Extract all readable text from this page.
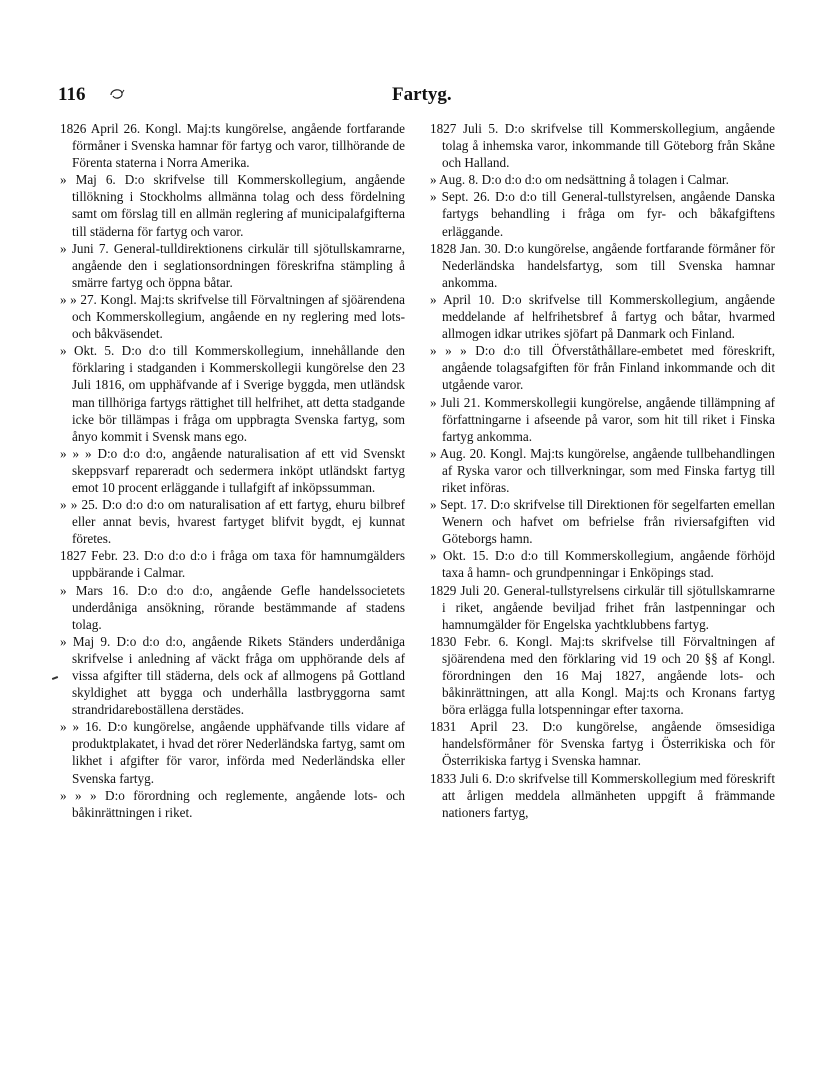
116	Fartyg.

1826 April 26. Kongl. Maj:ts kungörelse, angående fortfarande förmåner i Svenska hamnar för fartyg och varor, tillhörande de Förenta staterna i Norra Amerika.

» Maj 6. D:o skrifvelse till Kommerskollegium, angående tillökning i Stockholms allmänna tolag och dess fördelning samt om förslag till en allmän reglering af municipalafgifterna till städerna för fartyg och varor.

» Juni 7. General-tulldirektionens cirkulär till sjötullskamrarne, angående den i seglationsordningen föreskrifna stämpling å smärre fartyg och öppna båtar.

» » 27. Kongl. Maj:ts skrifvelse till Förvaltningen af sjöärendena och Kommerskollegium, angående en ny reglering med lots- och båkväsendet.

» Okt. 5. D:o d:o till Kommerskollegium, innehållande den förklaring i stadganden i Kommerskollegii kungörelse den 23 Juli 1816, om upphäfvande af i Sverige byggda, men utländsk man tillhöriga fartygs rättighet till helfrihet, att detta stadgande icke bör tillämpas i fråga om uppbragta Svenska fartyg, som ånyo kommit i Svensk mans ego.

» » » D:o d:o d:o, angående naturalisation af ett vid Svenskt skeppsvarf repareradt och sedermera inköpt utländskt fartyg emot 10 procent erläggande i tullafgift af inköpssumman.

» » 25. D:o d:o d:o om naturalisation af ett fartyg, ehuru bilbref eller annat bevis, hvarest fartyget blifvit bygdt, ej kunnat företes.

1827 Febr. 23. D:o d:o d:o i fråga om taxa för hamnumgälders uppbärande i Calmar.

» Mars 16. D:o d:o d:o, angående Gefle handelssocietets underdåniga ansökning, rörande bestämmande af stadens tolag.

» Maj 9. D:o d:o d:o, angående Rikets Ständers underdåniga skrifvelse i anledning af väckt fråga om upphörande dels af vissa afgifter till städerna, dels ock af allmogens på Gottland skyldighet att bygga och underhålla lastbryggorna samt strandridareboställena derstädes.

» » 16. D:o kungörelse, angående upphäfvande tills vidare af produktplakatet, i hvad det rörer Nederländska fartyg, samt om likhet i afgifter för varor, införda med Nederländska eller Svenska fartyg.

» » » D:o förordning och reglemente, angående lots- och båkinrättningen i riket.

1827 Juli 5. D:o skrifvelse till Kommerskollegium, angående tolag å inhemska varor, inkommande till Göteborg från Skåne och Halland.

» Aug. 8. D:o d:o d:o om nedsättning å tolagen i Calmar.

» Sept. 26. D:o d:o till General-tullstyrelsen, angående Danska fartygs behandling i fråga om fyr- och båkafgiftens erläggande.

1828 Jan. 30. D:o kungörelse, angående fortfarande förmåner för Nederländska handelsfartyg, som till Svenska hamnar ankomma.

» April 10. D:o skrifvelse till Kommerskollegium, angående meddelande af helfrihetsbref å fartyg och båtar, hvarmed allmogen idkar utrikes sjöfart på Danmark och Finland.

» » » D:o d:o till Öfverståthållare-embetet med föreskrift, angående tolagsafgiften för från Finland inkommande och dit utgående varor.

» Juli 21. Kommerskollegii kungörelse, angående tillämpning af författningarne i afseende på varor, som hit till riket i Finska fartyg ankomma.

» Aug. 20. Kongl. Maj:ts kungörelse, angående tullbehandlingen af Ryska varor och tillverkningar, som med Finska fartyg till riket införas.

» Sept. 17. D:o skrifvelse till Direktionen för segelfarten emellan Wenern och hafvet om befrielse från riviersafgiften vid Göteborgs hamn.

» Okt. 15. D:o d:o till Kommerskollegium, angående förhöjd taxa å hamn- och grundpenningar i Enköpings stad.

1829 Juli 20. General-tullstyrelsens cirkulär till sjötullskamrarne i riket, angående beviljad frihet från lastpenningar och hamnumgälder för Engelska yachtklubbens fartyg.

1830 Febr. 6. Kongl. Maj:ts skrifvelse till Förvaltningen af sjöärendena med den förklaring vid 19 och 20 §§ af Kongl. förordningen den 16 Maj 1827, angående lots- och båkinrättningen, att alla Kongl. Maj:ts och Kronans fartyg böra erlägga fulla lotspenningar efter taxorna.

1831 April 23. D:o kungörelse, angående ömsesidiga handelsförmåner för Svenska fartyg i Österrikiska och för Österrikiska fartyg i Svenska hamnar.

1833 Juli 6. D:o skrifvelse till Kommerskollegium med föreskrift att årligen meddela allmänheten uppgift å främmande nationers fartyg,
